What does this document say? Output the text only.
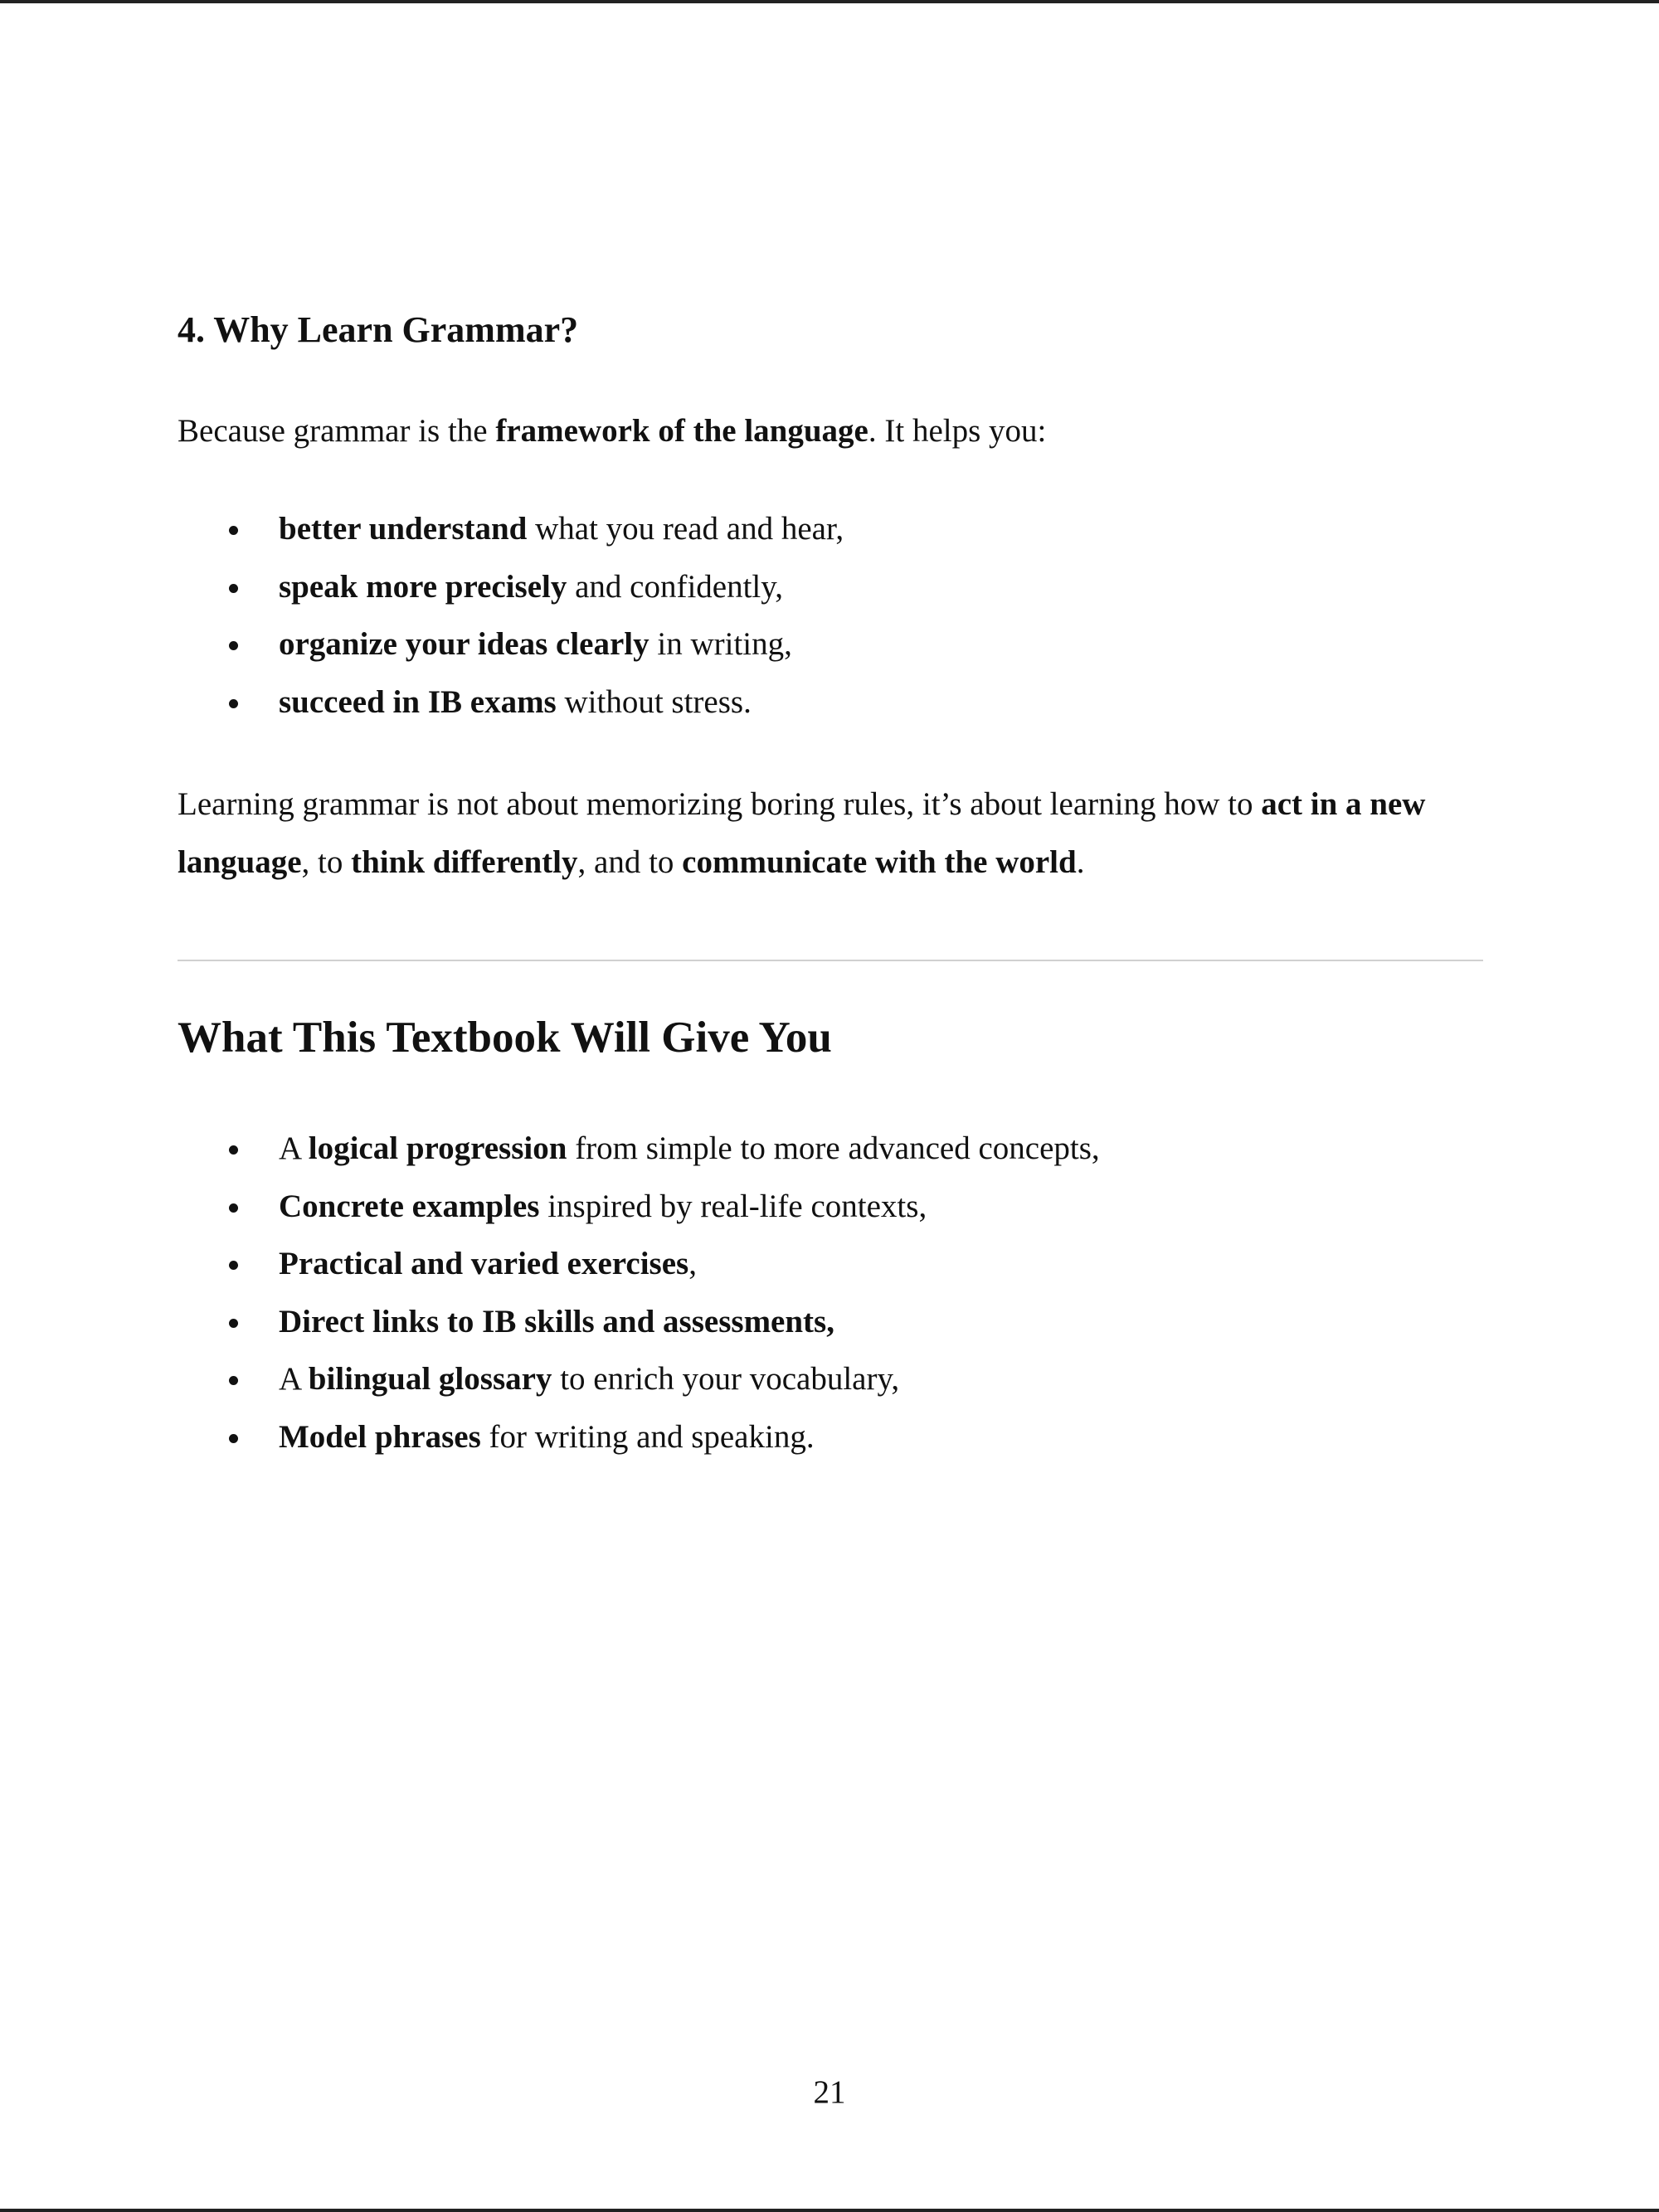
4. Why Learn Grammar?

Because grammar is the framework of the language. It helps you:

better understand what you read and hear,
speak more precisely and confidently,
organize your ideas clearly in writing,
succeed in IB exams without stress.

Learning grammar is not about memorizing boring rules, it’s about learning how to act in a new
language, to think differently, and to communicate with the world.

What This Textbook Will Give You
A logical progression from simple to more advanced concepts,
Concrete examples inspired by real-life contexts,
Practical and varied exercises,
Direct links to IB skills and assessments,
A bilingual glossary to enrich your vocabulary,
Model phrases for writing and speaking.
21
